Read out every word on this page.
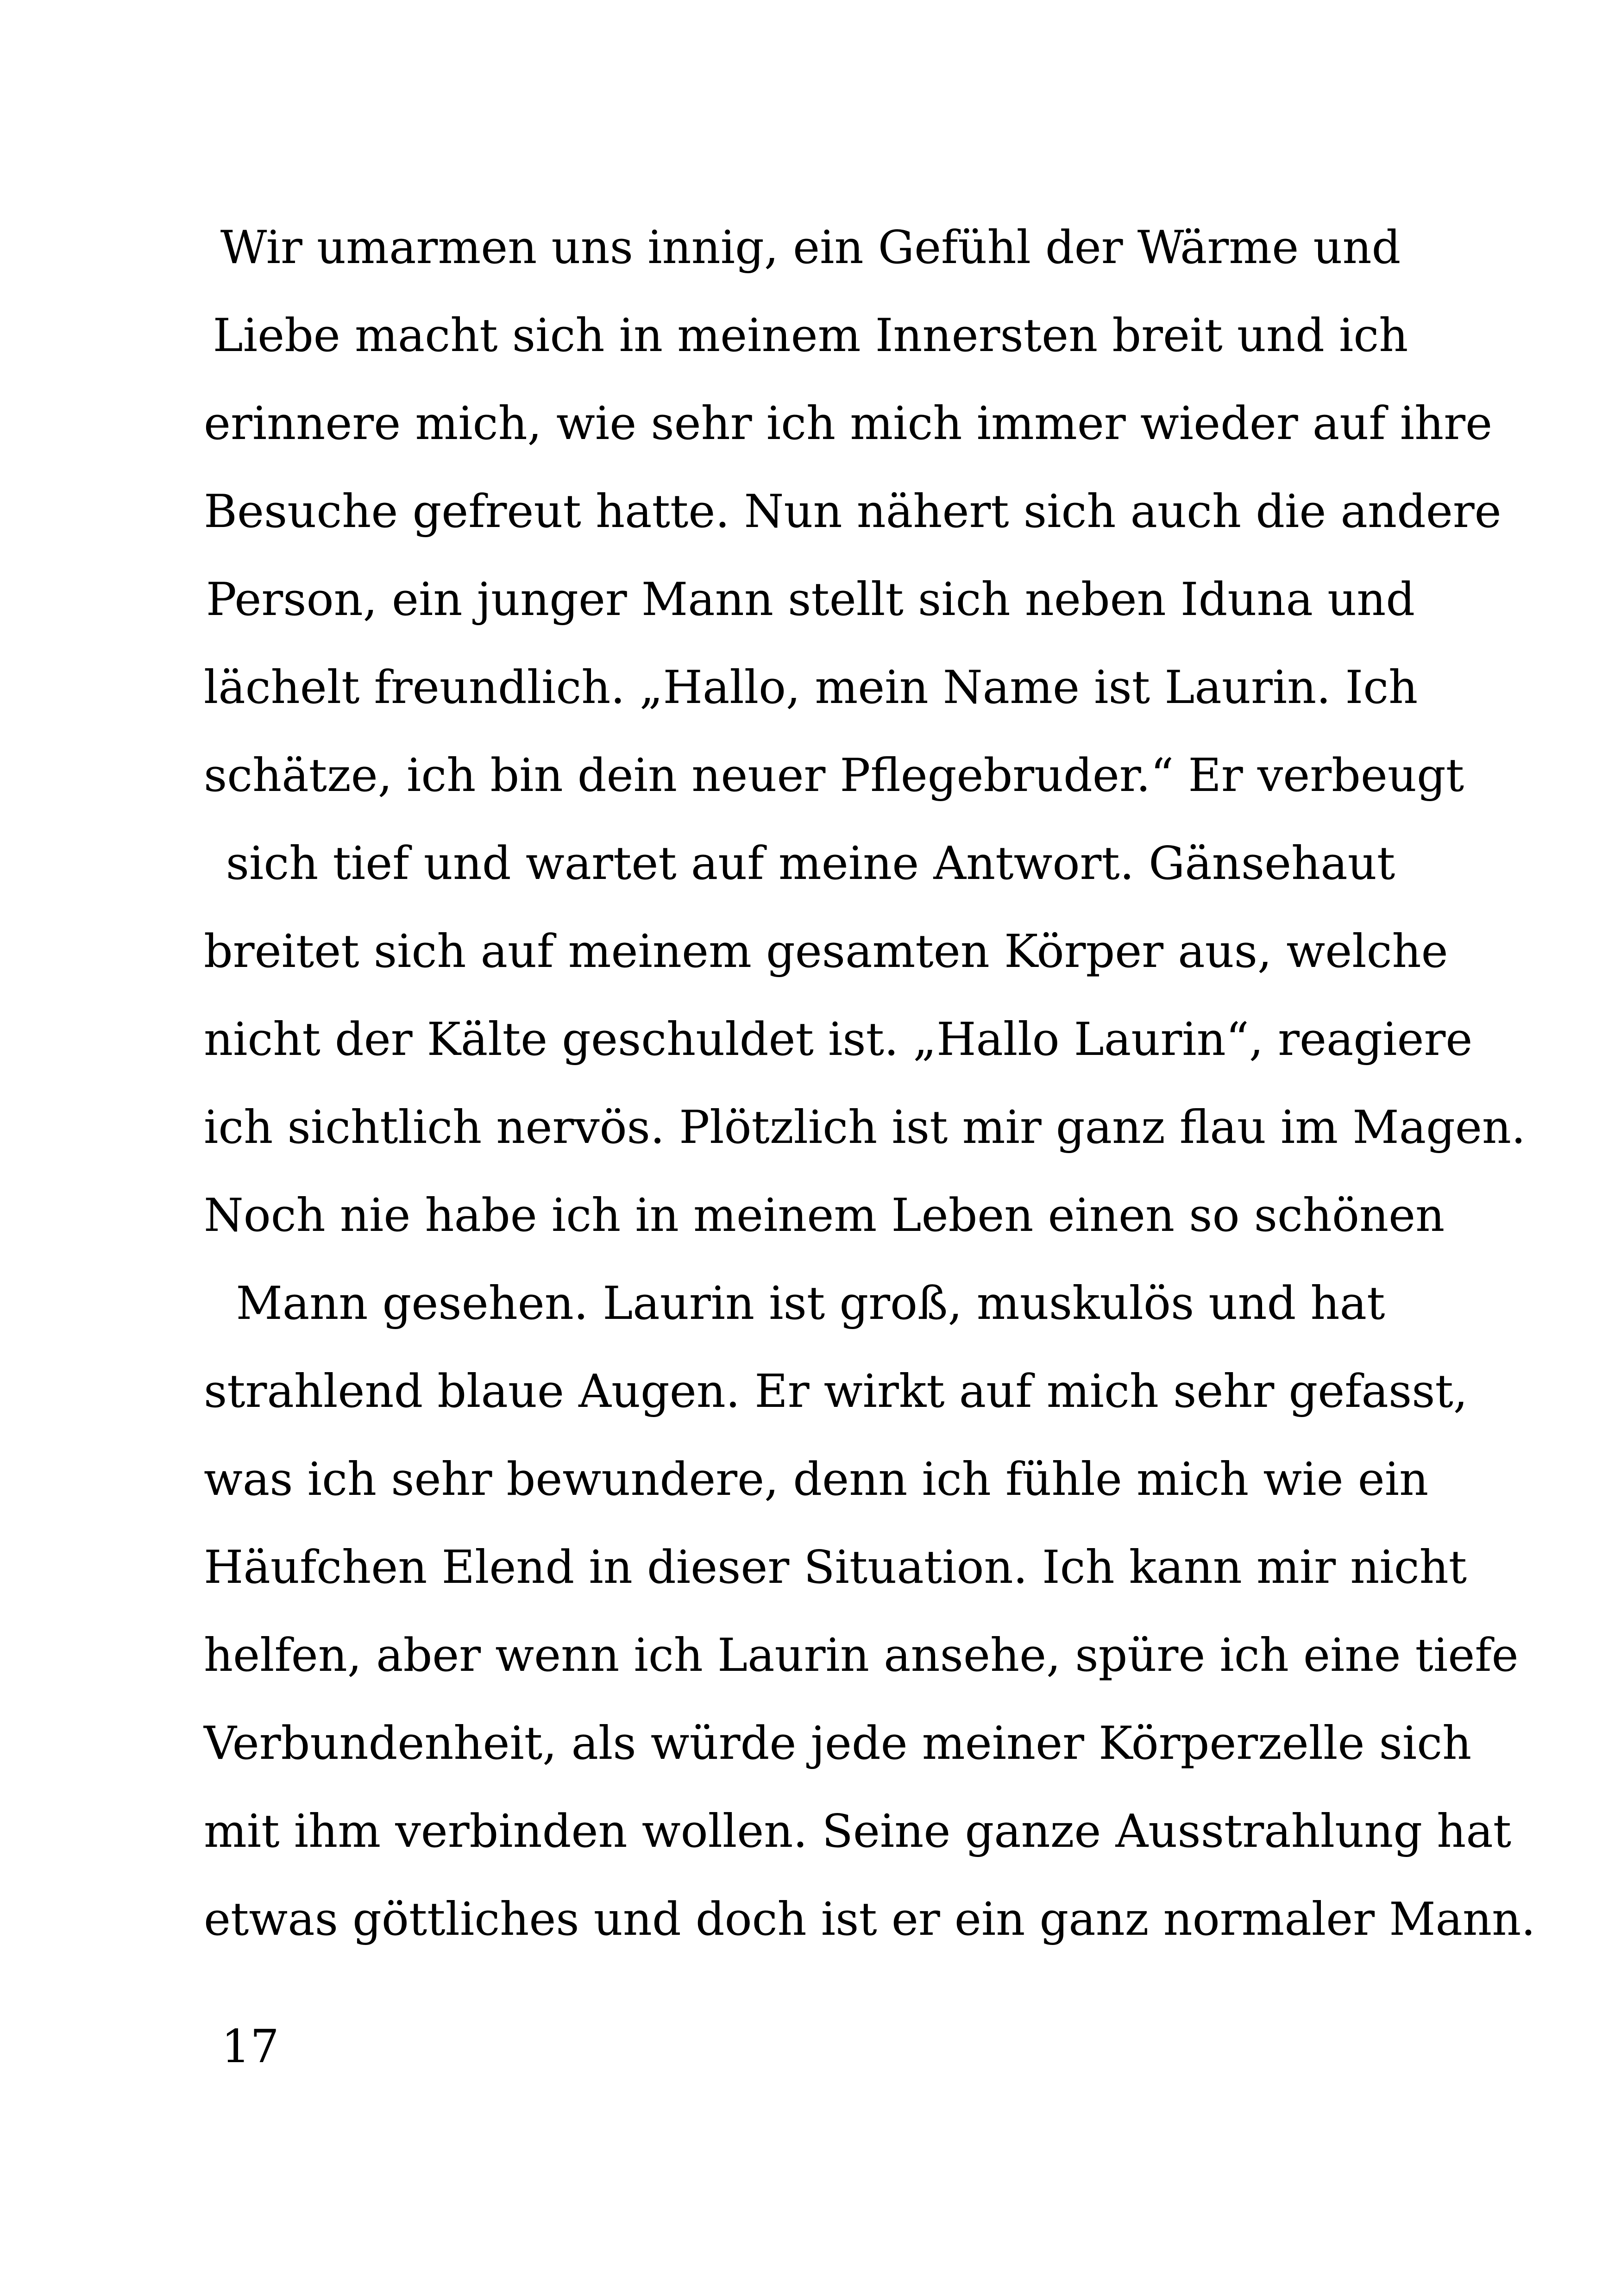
Wir umarmen uns innig, ein Gefühl der Wärme und
Liebe macht sich in meinem Innersten breit und ich
erinnere mich, wie sehr ich mich immer wieder auf ihre
Besuche gefreut hatte. Nun nähert sich auch die andere
Person, ein junger Mann stellt sich neben Iduna und
lächelt freundlich. „Hallo, mein Name ist Laurin. Ich
schätze, ich bin dein neuer Pflegebruder.“ Er verbeugt
sich tief und wartet auf meine Antwort. Gänsehaut
breitet sich auf meinem gesamten Körper aus, welche
nicht der Kälte geschuldet ist. „Hallo Laurin“, reagiere
ich sichtlich nervös. Plötzlich ist mir ganz flau im Magen.
Noch nie habe ich in meinem Leben einen so schönen
Mann gesehen. Laurin ist groß, muskulös und hat
strahlend blaue Augen. Er wirkt auf mich sehr gefasst,
was ich sehr bewundere, denn ich fühle mich wie ein
Häufchen Elend in dieser Situation. Ich kann mir nicht
helfen, aber wenn ich Laurin ansehe, spüre ich eine tiefe
Verbundenheit, als würde jede meiner Körperzelle sich
mit ihm verbinden wollen. Seine ganze Ausstrahlung hat
etwas göttliches und doch ist er ein ganz normaler Mann.
17
